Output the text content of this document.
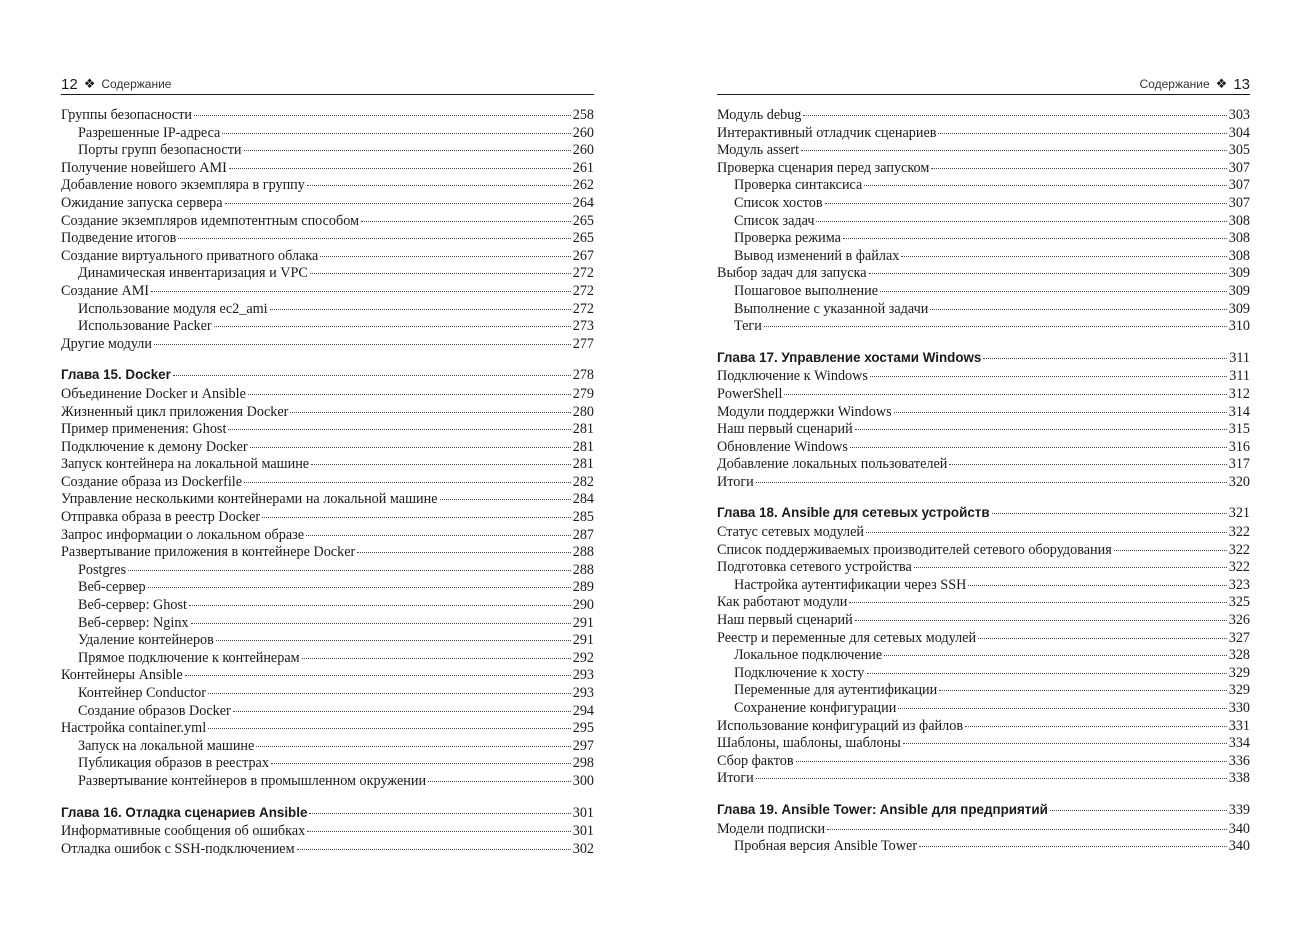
12 ❖ Содержание
Группы безопасности	258
Разрешенные IP-адреса	260
Порты групп безопасности	260
Получение новейшего AMI	261
Добавление нового экземпляра в группу	262
Ожидание запуска сервера	264
Создание экземпляров идемпотентным способом	265
Подведение итогов	265
Создание виртуального приватного облака	267
Динамическая инвентаризация и VPC	272
Создание AMI	272
Использование модуля ec2_ami	272
Использование Packer	273
Другие модули	277
Глава 15. Docker	278
Объединение Docker и Ansible	279
Жизненный цикл приложения Docker	280
Пример применения: Ghost	281
Подключение к демону Docker	281
Запуск контейнера на локальной машине	281
Создание образа из Dockerfile	282
Управление несколькими контейнерами на локальной машине	284
Отправка образа в реестр Docker	285
Запрос информации о локальном образе	287
Развертывание приложения в контейнере Docker	288
Postgres	288
Веб-сервер	289
Веб-сервер: Ghost	290
Веб-сервер: Nginx	291
Удаление контейнеров	291
Прямое подключение к контейнерам	292
Контейнеры Ansible	293
Контейнер Conductor	293
Создание образов Docker	294
Настройка container.yml	295
Запуск на локальной машине	297
Публикация образов в реестрах	298
Развертывание контейнеров в промышленном окружении	300
Глава 16. Отладка сценариев Ansible	301
Информативные сообщения об ошибках	301
Отладка ошибок с SSH-подключением	302
Содержание ❖ 13
Модуль debug	303
Интерактивный отладчик сценариев	304
Модуль assert	305
Проверка сценария перед запуском	307
Проверка синтаксиса	307
Список хостов	307
Список задач	308
Проверка режима	308
Вывод изменений в файлах	308
Выбор задач для запуска	309
Пошаговое выполнение	309
Выполнение с указанной задачи	309
Теги	310
Глава 17. Управление хостами Windows	311
Подключение к Windows	311
PowerShell	312
Модули поддержки Windows	314
Наш первый сценарий	315
Обновление Windows	316
Добавление локальных пользователей	317
Итоги	320
Глава 18. Ansible для сетевых устройств	321
Статус сетевых модулей	322
Список поддерживаемых производителей сетевого оборудования	322
Подготовка сетевого устройства	322
Настройка аутентификации через SSH	323
Как работают модули	325
Наш первый сценарий	326
Реестр и переменные для сетевых модулей	327
Локальное подключение	328
Подключение к хосту	329
Переменные для аутентификации	329
Сохранение конфигурации	330
Использование конфигураций из файлов	331
Шаблоны, шаблоны, шаблоны	334
Сбор фактов	336
Итоги	338
Глава 19. Ansible Tower: Ansible для предприятий	339
Модели подписки	340
Пробная версия Ansible Tower	340
